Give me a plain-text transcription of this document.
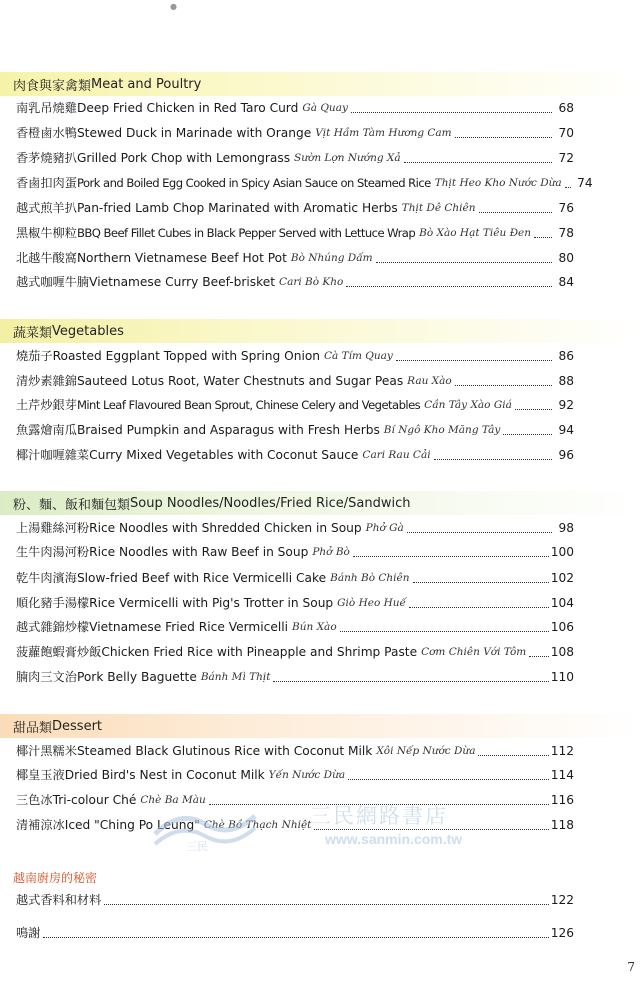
●
肉食與家禽類 Meat and Poultry
南乳吊燒雞 Deep Fried Chicken in Red Taro Curd Gà Quay	68
香橙鹵水鴨 Stewed Duck in Marinade with Orange Vịt Hầm Tàm Hương Cam	70
香茅燒豬扒 Grilled Pork Chop with Lemongrass Sườn Lợn Nướng Xả	72
香鹵扣肉蛋 Pork and Boiled Egg Cooked in Spicy Asian Sauce on Steamed Rice Thịt Heo Kho Nước Dừa	74
越式煎羊扒 Pan-fried Lamb Chop Marinated with Aromatic Herbs Thịt Dê Chiên	76
黑椒牛柳粒 BBQ Beef Fillet Cubes in Black Pepper Served with Lettuce Wrap Bò Xào Hạt Tiêu Đen	78
北越牛酸窩 Northern Vietnamese Beef Hot Pot Bò Nhúng Dấm	80
越式咖喱牛腩 Vietnamese Curry Beef-brisket Cari Bò Kho	84
蔬菜類 Vegetables
燒茄子 Roasted Eggplant Topped with Spring Onion Cà Tím Quay	86
清炒素雜錦 Sauteed Lotus Root, Water Chestnuts and Sugar Peas Rau Xào	88
土芹炒銀芽 Mint Leaf Flavoured Bean Sprout, Chinese Celery and Vegetables Cần Tây Xào Giá	92
魚露燴南瓜 Braised Pumpkin and Asparagus with Fresh Herbs Bí Ngô Kho Măng Tây	94
椰汁咖喱雜菜 Curry Mixed Vegetables with Coconut Sauce Cari Rau Cải	96
粉、麵、飯和麵包類 Soup Noodles/Noodles/Fried Rice/Sandwich
上湯雞絲河粉 Rice Noodles with Shredded Chicken in Soup Phở Gà	98
生牛肉湯河粉 Rice Noodles with Raw Beef in Soup Phở Bò	100
乾牛肉濱海 Slow-fried Beef with Rice Vermicelli Cake Bánh Bò Chiên	102
順化豬手湯檬 Rice Vermicelli with Pig's Trotter in Soup Giò Heo Huế	104
越式雜錦炒檬 Vietnamese Fried Rice Vermicelli Bún Xào	106
菠蘿飽蝦膏炒飯 Chicken Fried Rice with Pineapple and Shrimp Paste Cơm Chiên Với Tôm 108
腩肉三文治 Pork Belly Baguette Bánh Mì Thịt	110
甜品類 Dessert
椰汁黑糯米 Steamed Black Glutinous Rice with Coconut Milk Xôi Nếp Nước Dừa	112
椰皇玉液 Dried Bird's Nest in Coconut Milk Yến Nước Dừa	114
三色冰 Tri-colour Ché Chè Ba Màu	116
清補涼冰 Iced "Ching Po Leung" Chè Bồ Thạch Nhiệt	118
越南廚房的秘密
越式香料和材料	122
鳴謝	126
三民
三民網路書店
www.sanmin.com.tw
7
